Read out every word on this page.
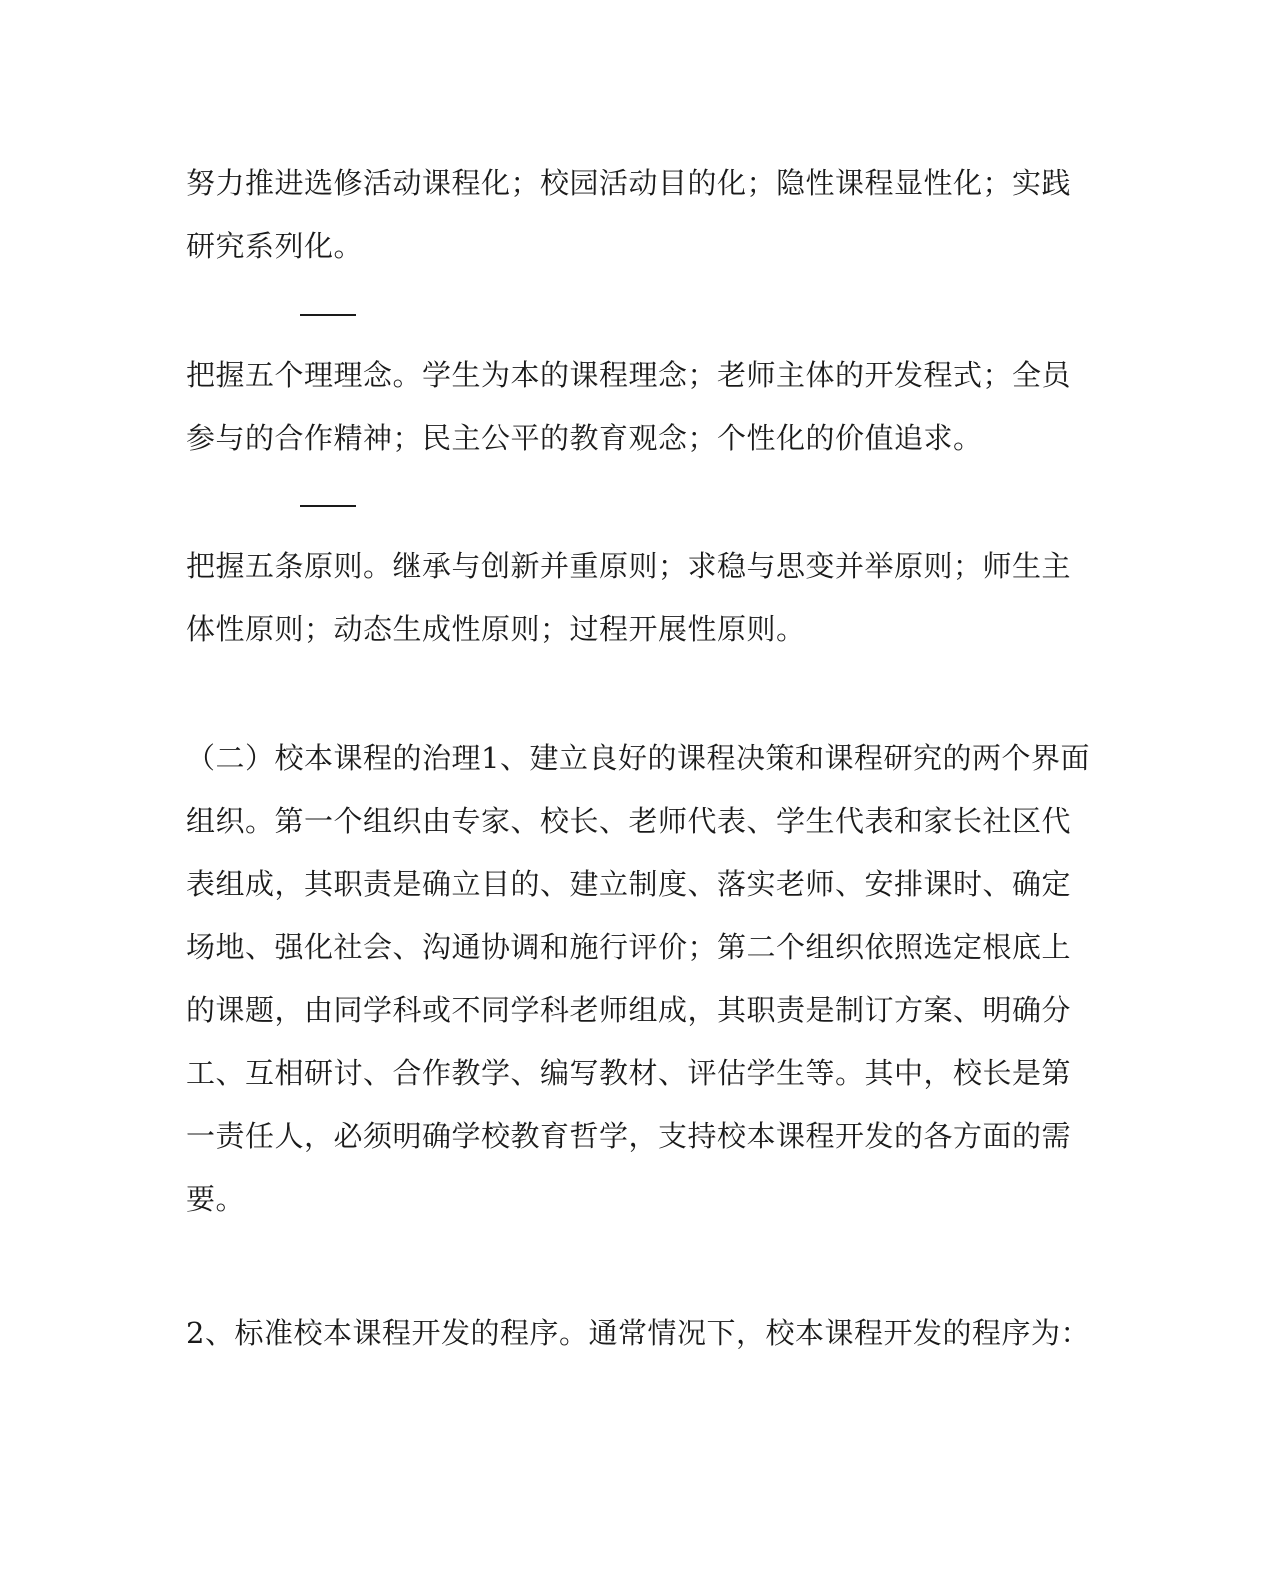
努力推进选修活动课程化；校园活动目的化；隐性课程显性化；实践
研究系列化。

把握五个理理念。学生为本的课程理念；老师主体的开发程式；全员
参与的合作精神；民主公平的教育观念；个性化的价值追求。

把握五条原则。继承与创新并重原则；求稳与思变并举原则；师生主
体性原则；动态生成性原则；过程开展性原则。

（二）校本课程的治理1、建立良好的课程决策和课程研究的两个界面
组织。第一个组织由专家、校长、老师代表、学生代表和家长社区代
表组成，其职责是确立目的、建立制度、落实老师、安排课时、确定
场地、强化社会、沟通协调和施行评价；第二个组织依照选定根底上
的课题，由同学科或不同学科老师组成，其职责是制订方案、明确分
工、互相研讨、合作教学、编写教材、评估学生等。其中，校长是第
一责任人，必须明确学校教育哲学，支持校本课程开发的各方面的需
要。

2、标准校本课程开发的程序。通常情况下，校本课程开发的程序为：
